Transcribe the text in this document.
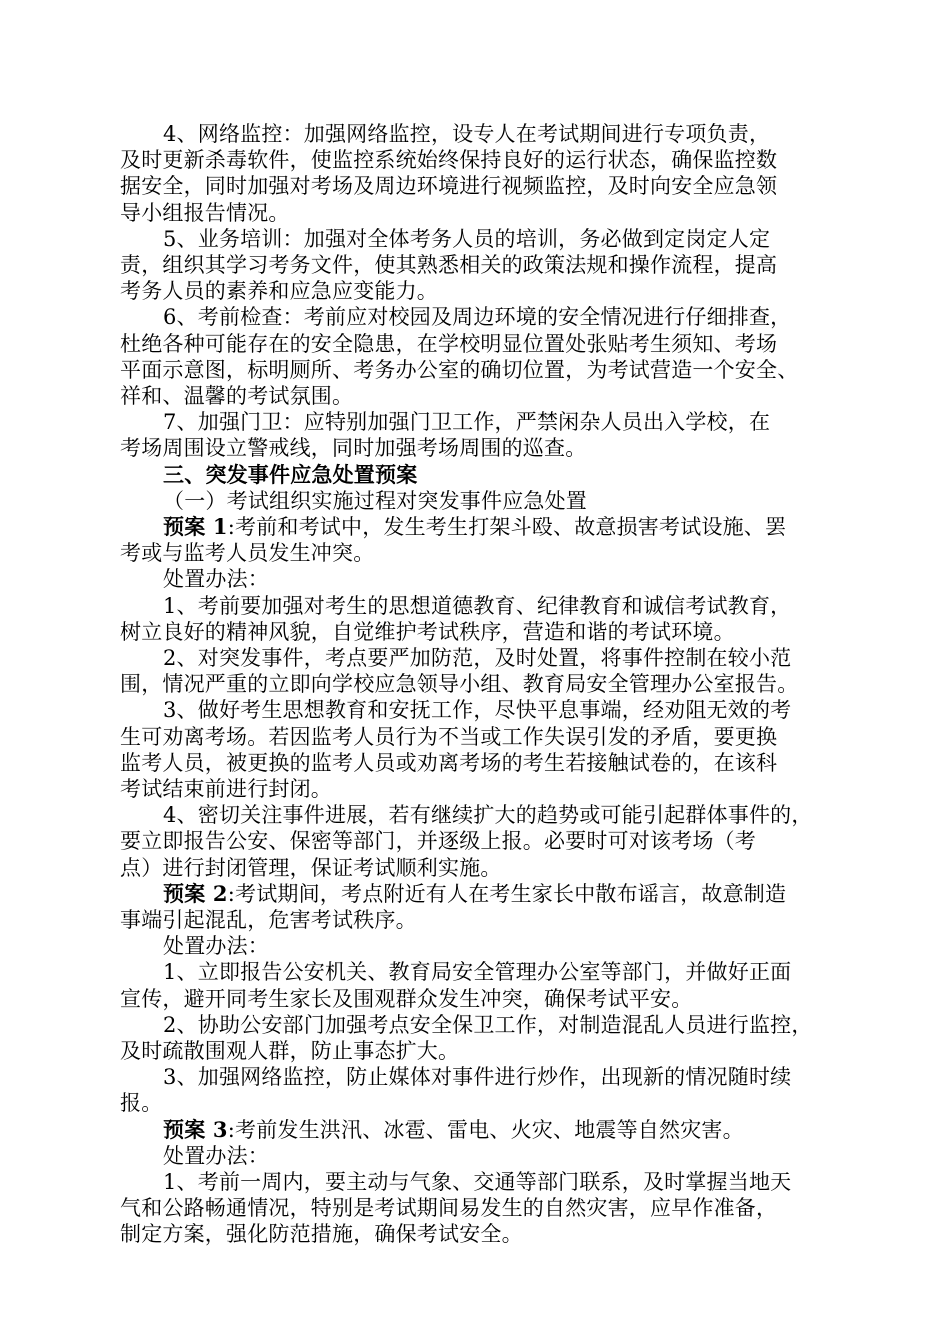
4、网络监控：加强网络监控，设专人在考试期间进行专项负责，

及时更新杀毒软件，使监控系统始终保持良好的运行状态，确保监控数

据安全，同时加强对考场及周边环境进行视频监控，及时向安全应急领

导小组报告情况。

5、业务培训：加强对全体考务人员的培训，务必做到定岗定人定

责，组织其学习考务文件，使其熟悉相关的政策法规和操作流程，提高

考务人员的素养和应急应变能力。

6、考前检查：考前应对校园及周边环境的安全情况进行仔细排查，

杜绝各种可能存在的安全隐患，在学校明显位置处张贴考生须知、考场

平面示意图，标明厕所、考务办公室的确切位置，为考试营造一个安全、

祥和、温馨的考试氛围。

7、加强门卫：应特别加强门卫工作，严禁闲杂人员出入学校，在

考场周围设立警戒线，同时加强考场周围的巡查。

三、突发事件应急处置预案

（一）考试组织实施过程对突发事件应急处置

预案 1:考前和考试中，发生考生打架斗殴、故意损害考试设施、罢

考或与监考人员发生冲突。

处置办法：

1、考前要加强对考生的思想道德教育、纪律教育和诚信考试教育，

树立良好的精神风貌，自觉维护考试秩序，营造和谐的考试环境。

2、对突发事件，考点要严加防范，及时处置，将事件控制在较小范

围，情况严重的立即向学校应急领导小组、教育局安全管理办公室报告。

3、做好考生思想教育和安抚工作，尽快平息事端，经劝阻无效的考

生可劝离考场。若因监考人员行为不当或工作失误引发的矛盾，要更换

监考人员，被更换的监考人员或劝离考场的考生若接触试卷的，在该科

考试结束前进行封闭。

4、密切关注事件进展，若有继续扩大的趋势或可能引起群体事件的，

要立即报告公安、保密等部门，并逐级上报。必要时可对该考场（考

点）进行封闭管理，保证考试顺利实施。

预案 2:考试期间，考点附近有人在考生家长中散布谣言，故意制造

事端引起混乱，危害考试秩序。

处置办法：

1、立即报告公安机关、教育局安全管理办公室等部门，并做好正面

宣传，避开同考生家长及围观群众发生冲突，确保考试平安。

2、协助公安部门加强考点安全保卫工作，对制造混乱人员进行监控，

及时疏散围观人群，防止事态扩大。

3、加强网络监控，防止媒体对事件进行炒作，出现新的情况随时续

报。

预案 3:考前发生洪汛、冰雹、雷电、火灾、地震等自然灾害。

处置办法：

1、考前一周内，要主动与气象、交通等部门联系，及时掌握当地天

气和公路畅通情况，特别是考试期间易发生的自然灾害，应早作准备，

制定方案，强化防范措施，确保考试安全。
